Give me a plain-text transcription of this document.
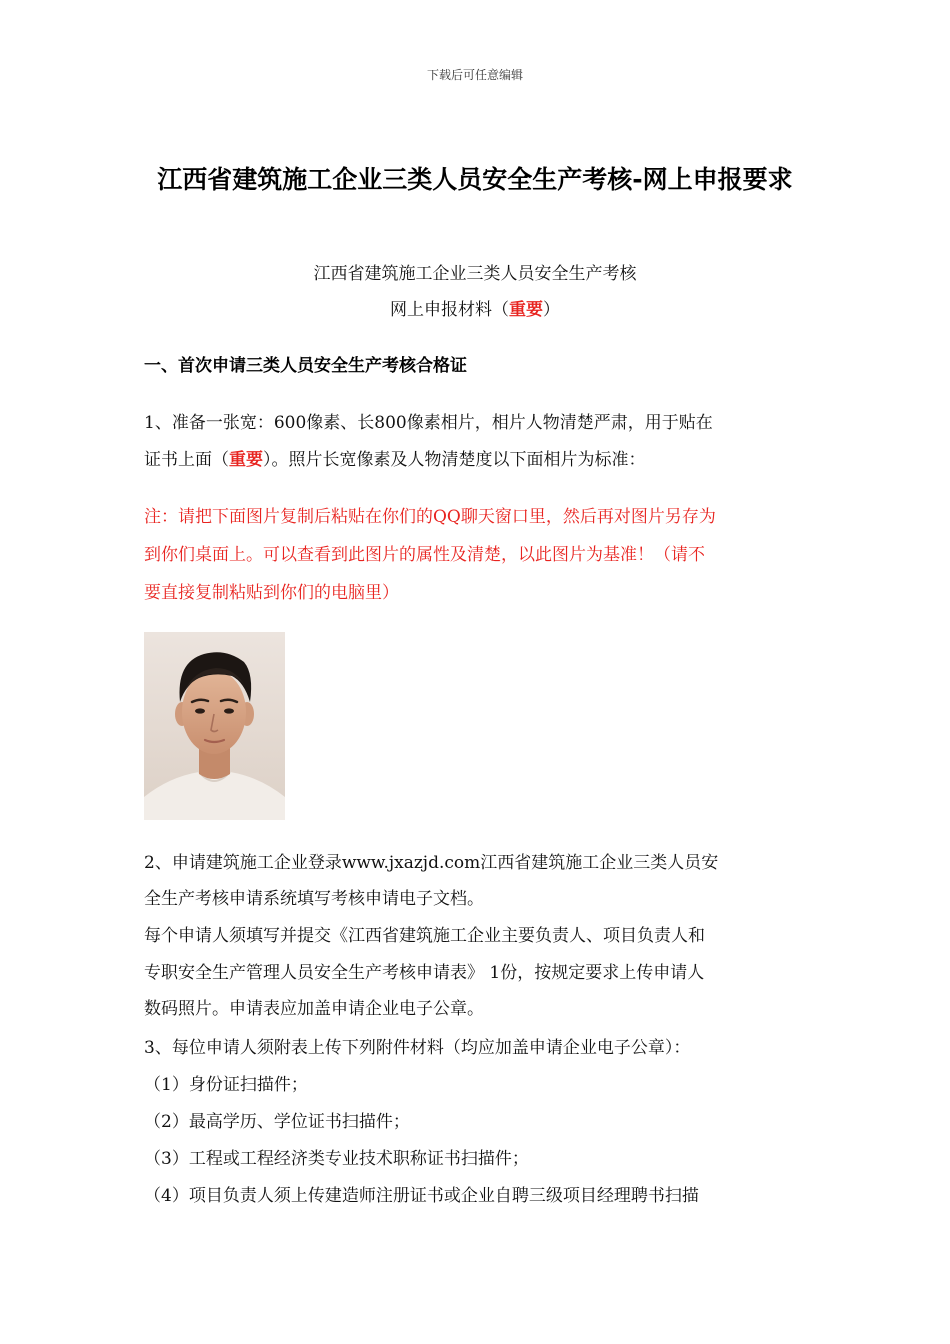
下载后可任意编辑
江西省建筑施工企业三类人员安全生产考核-网上申报要求
江西省建筑施工企业三类人员安全生产考核
网上申报材料（重要）
一、首次申请三类人员安全生产考核合格证
1、准备一张宽：600像素、长800像素相片，相片人物清楚严肃，用于贴在
证书上面（重要）。照片长宽像素及人物清楚度以下面相片为标准：
注：请把下面图片复制后粘贴在你们的QQ聊天窗口里，然后再对图片另存为
到你们桌面上。可以查看到此图片的属性及清楚，以此图片为基准！（请不
要直接复制粘贴到你们的电脑里）
2、申请建筑施工企业登录www.jxazjd.com江西省建筑施工企业三类人员安
全生产考核申请系统填写考核申请电子文档。
每个申请人须填写并提交《江西省建筑施工企业主要负责人、项目负责人和
专职安全生产管理人员安全生产考核申请表》 1份，按规定要求上传申请人
数码照片。申请表应加盖申请企业电子公章。
3、每位申请人须附表上传下列附件材料（均应加盖申请企业电子公章）：
（1）身份证扫描件；
（2）最高学历、学位证书扫描件；
（3）工程或工程经济类专业技术职称证书扫描件；
（4）项目负责人须上传建造师注册证书或企业自聘三级项目经理聘书扫描
